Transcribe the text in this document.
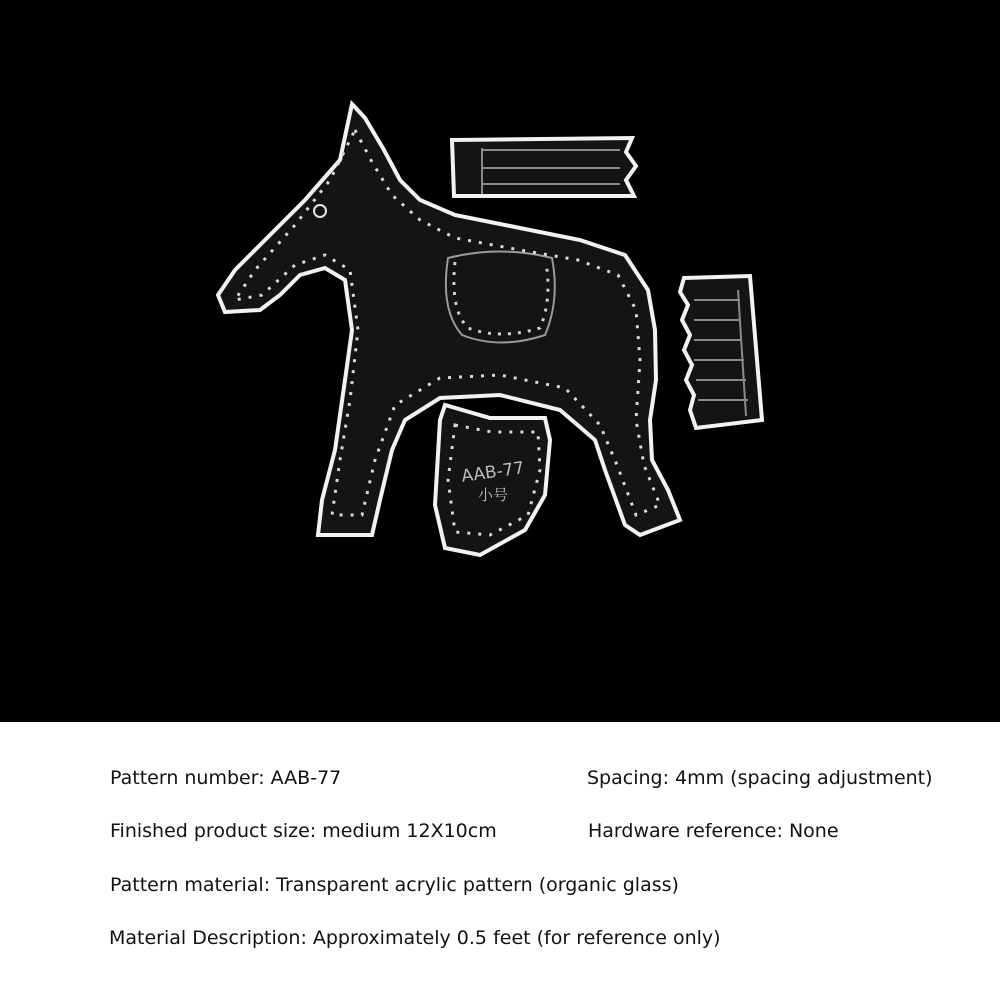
AAB-77
小号
Pattern number: AAB-77	Spacing: 4mm (spacing adjustment)
Finished product size: medium 12X10cm	Hardware reference: None
Pattern material: Transparent acrylic pattern (organic glass)
Material Description: Approximately 0.5 feet (for reference only)
